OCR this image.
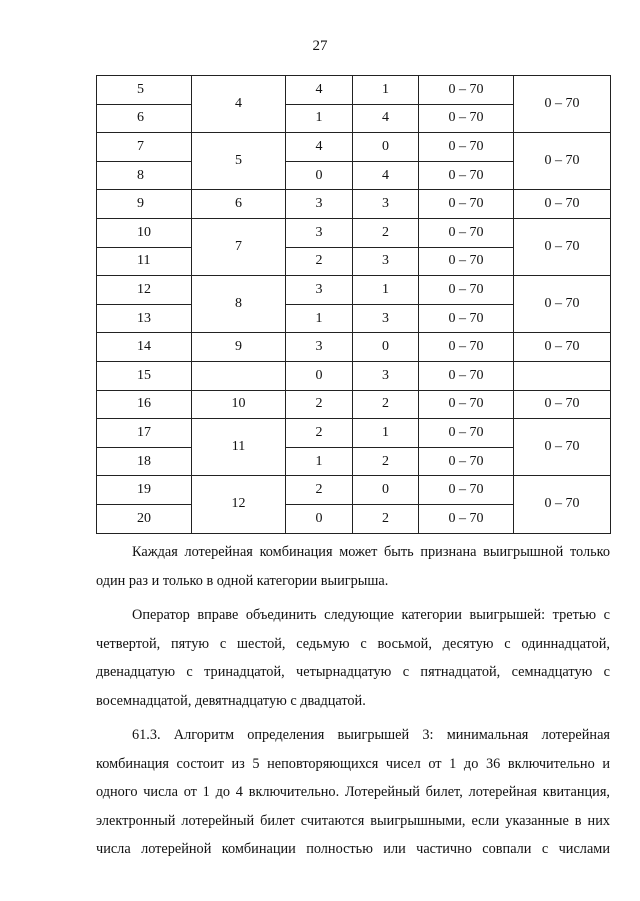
27
5	4	4	1	0 – 70	0 – 70
6		1	4	0 – 70	
7	5	4	0	0 – 70	0 – 70
8		0	4	0 – 70	
9	6	3	3	0 – 70	0 – 70
10	7	3	2	0 – 70	0 – 70
11		2	3	0 – 70	
12	8	3	1	0 – 70	0 – 70
13		1	3	0 – 70	
14	9	3	0	0 – 70	0 – 70
15		0	3	0 – 70	
16	10	2	2	0 – 70	0 – 70
17	11	2	1	0 – 70	0 – 70
18		1	2	0 – 70	
19	12	2	0	0 – 70	0 – 70
20		0	2	0 – 70	

Каждая лотерейная комбинация может быть признана выигрышной только один раз и только в одной категории выигрыша.

Оператор вправе объединить следующие категории выигрышей: третью с четвертой, пятую с шестой, седьмую с восьмой, десятую с одиннадцатой, двенадцатую с тринадцатой, четырнадцатую с пятнадцатой, семнадцатую с восемнадцатой, девятнадцатую с двадцатой.

61.3. Алгоритм определения выигрышей 3: минимальная лотерейная комбинация состоит из 5 неповторяющихся чисел от 1 до 36 включительно и одного числа от 1 до 4 включительно. Лотерейный билет, лотерейная квитанция, электронный лотерейный билет считаются выигрышными, если указанные в них числа лотерейной комбинации полностью или частично совпали с числами
